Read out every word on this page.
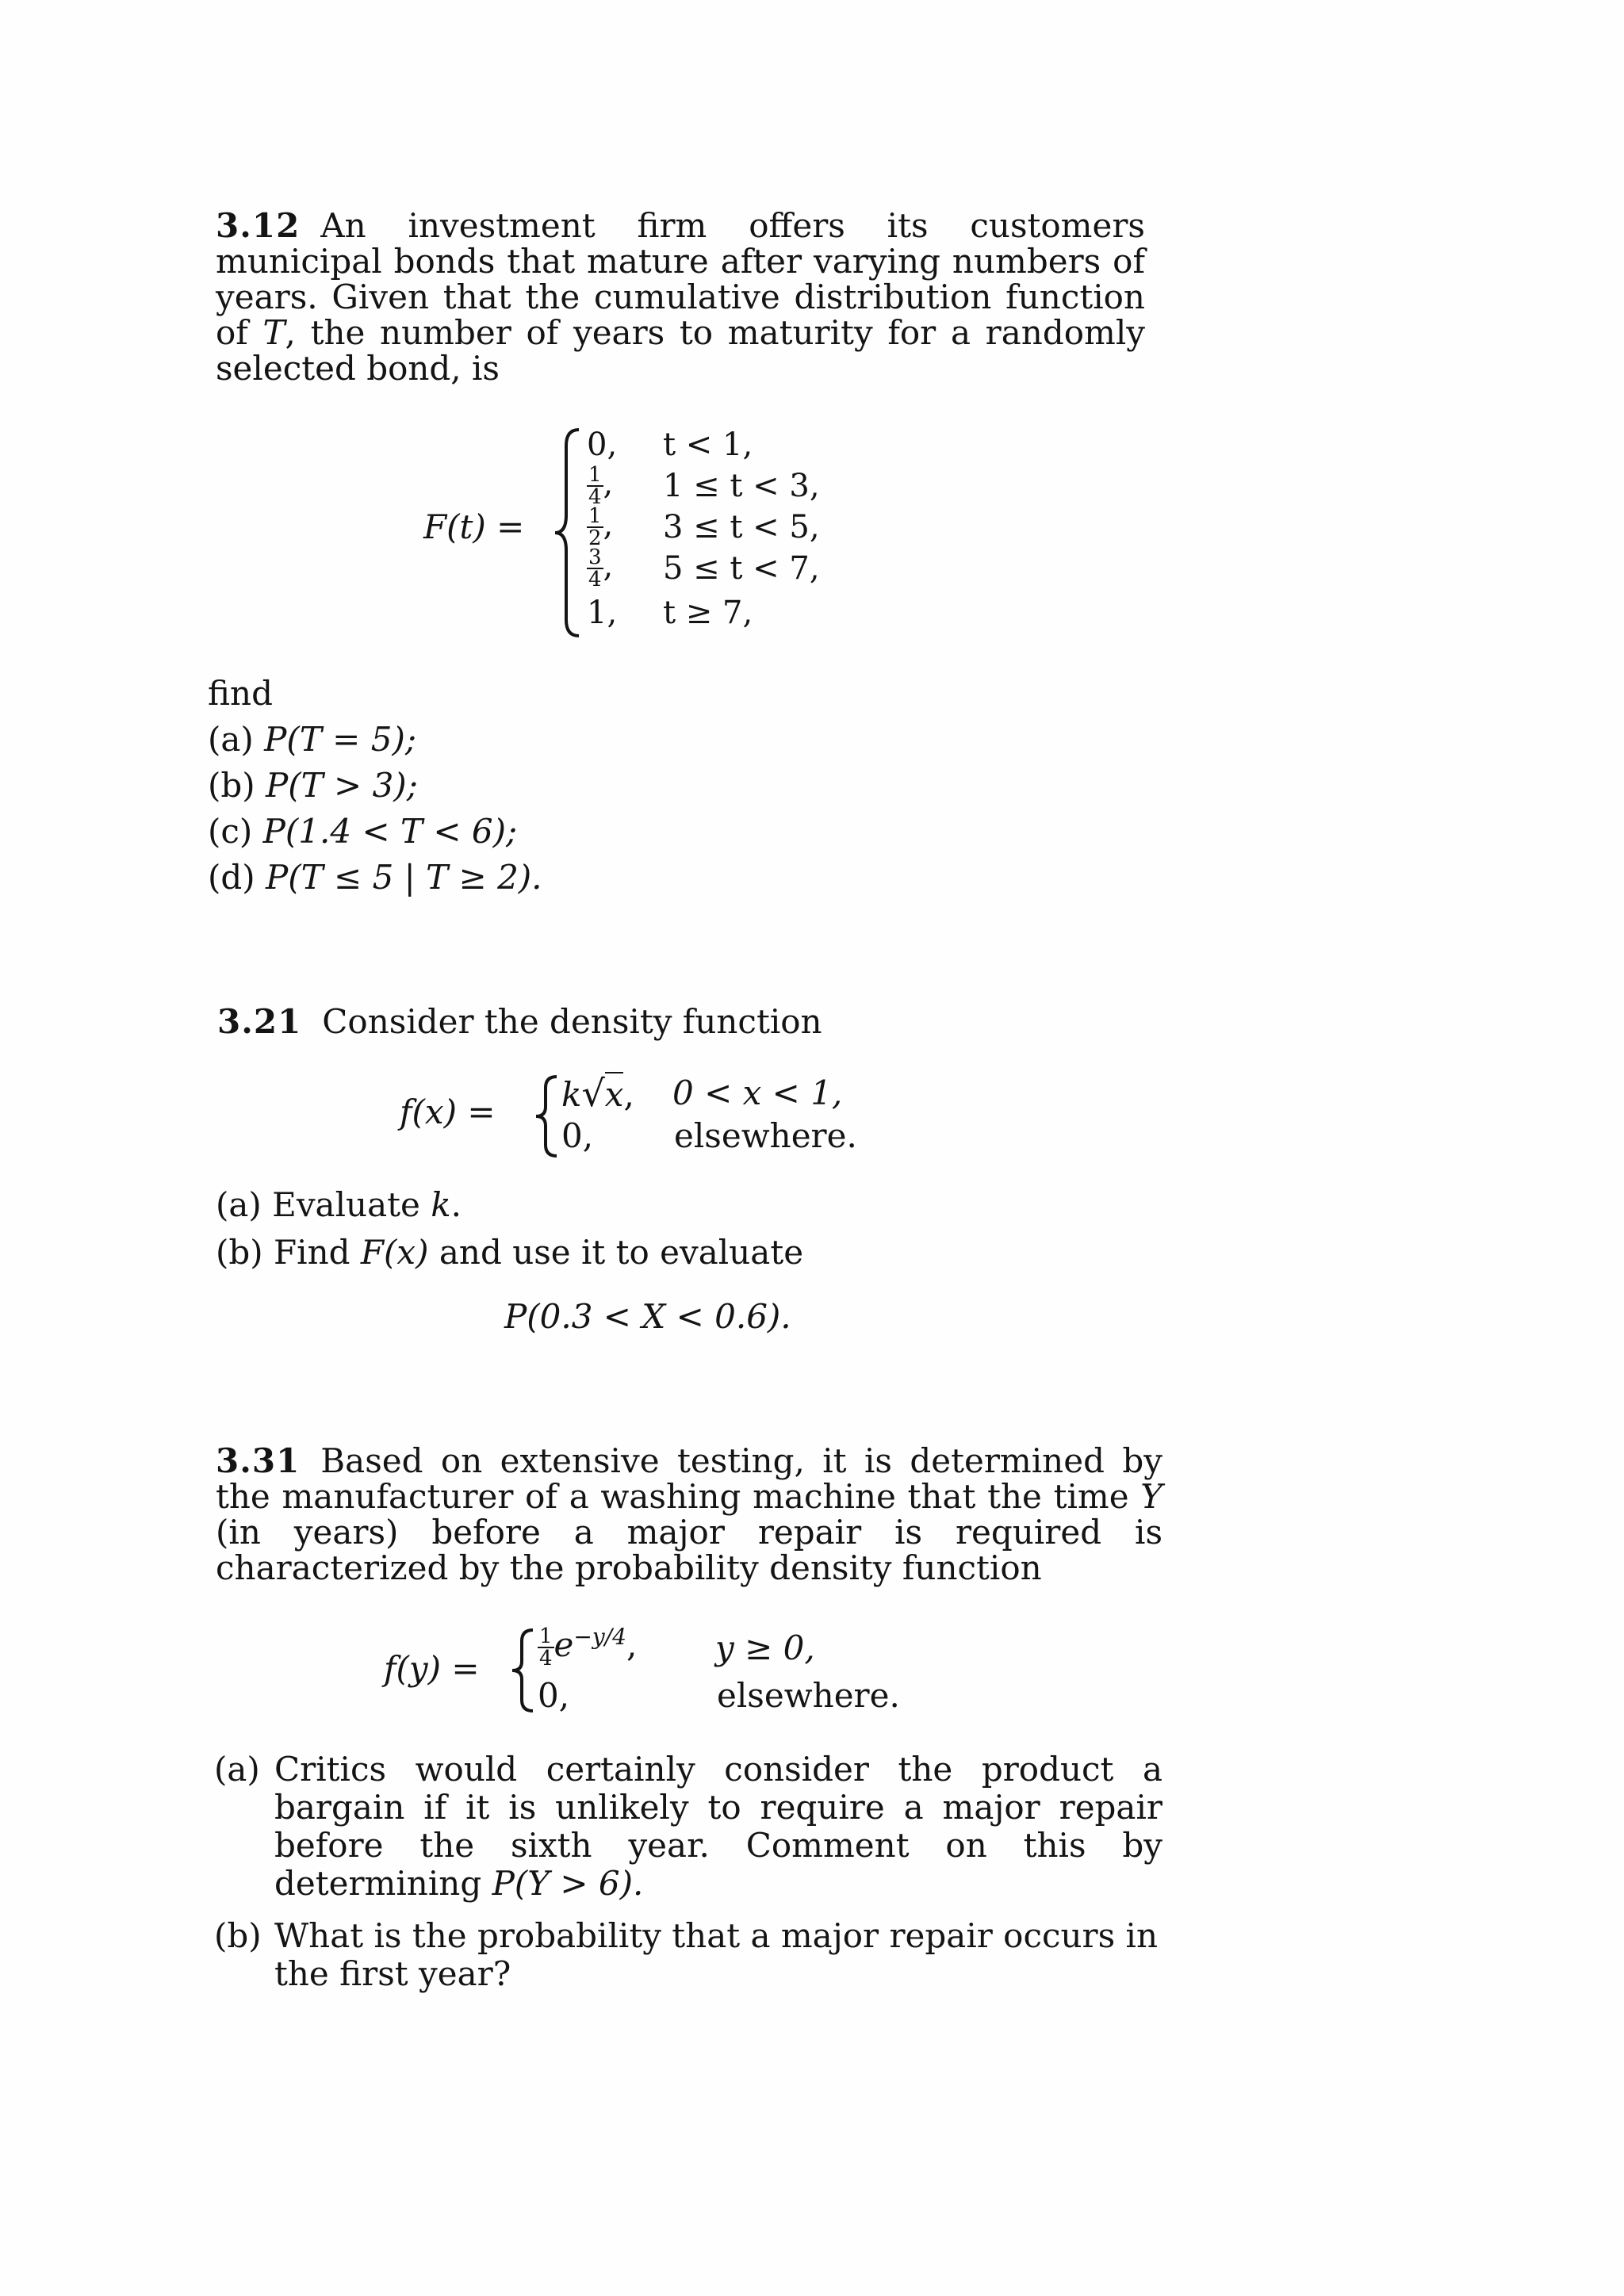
3.12 An investment firm offers its customers municipal bonds that mature after varying numbers of years. Given that the cumulative distribution function of T, the number of years to maturity for a randomly selected bond, is
F(t) =
0, t < 1,
$\frac{1}{4}$ , 1 ≤ t < 3,
$\frac{1}{2}$ , 3 ≤ t < 5,
$\frac{3}{4}$ , 5 ≤ t < 7,
1, t ≥ 7,
find
(a) P(T = 5);
(b) P(T > 3);
(c) P(1.4 < T < 6);
(d) P(T ≤ 5 | T ≥ 2).
3.21 Consider the density function
f(x) = k√x, 0 < x < 1,
0, elsewhere.
(a) Evaluate k.
(b) Find F(x) and use it to evaluate
P(0.3 < X < 0.6).
3.31 Based on extensive testing, it is determined by the manufacturer of a washing machine that the time Y (in years) before a major repair is required is characterized by the probability density function
f(y) =	$\frac{1}{4} e^{-y/4}$, y ≥ 0,
0,	elsewhere.
(a) Critics would certainly consider the product a bargain if it is unlikely to require a major repair before the sixth year. Comment on this by determining P(Y > 6).
(b) What is the probability that a major repair occurs in the first year?
